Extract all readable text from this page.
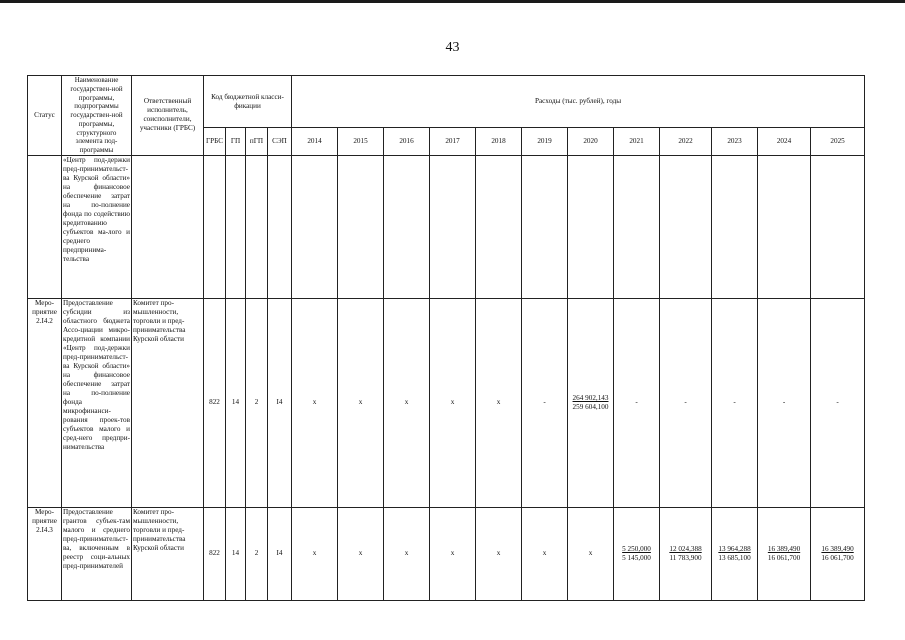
43
Статус	Наименование государствен-ной программы, подпрограммы государствен-ной программы, структурного элемента под-программы	Ответственный исполнитель, соисполнители, участники (ГРБС)	Код бюджетной класси-фикации				Расходы (тыс. рублей), годы											
			ГРБС	ГП	пГП	СЭП	2014	2015	2016	2017	2018	2019	2020	2021	2022	2023	2024	2025
	«Центр под-держки пред-принимательст-ва Курской области» на финансовое обеспечение затрат на по-полнение фонда по содействию кредитованию субъектов ма-лого и среднего предпринима-тельства																	
Меро-приятие 2.I4.2	Предоставление субсидии из областного бюджета Ассо-циации микро-кредитной компании «Центр под-держки пред-принимательст-ва Курской области» на финансовое обеспечение затрат на по-полнение фонда микрофинанси-рования проек-тов субъектов малого и сред-него предпри-нимательства	Комитет про-мышленности, торговли и пред-принимательства Курской области	822	14	2	I4	x	x	x	x	x	-	$\frac{264 902,143}{259 604,100}$	-	-	-	-	-
Меро-приятие 2.I4.3	Предоставление грантов субъек-там малого и среднего пред-принимательст-ва, включенным в реестр соци-альных пред-принимателей	Комитет про-мышленности, торговли и пред-принимательства Курской области	822	14	2	I4	x	x	x	x	x	x	x	$\frac{5 250,000}{5 145,000}$	$\frac{12 024,388}{11 783,900}$	$\frac{13 964,288}{13 685,100}$	$\frac{16 389,490}{16 061,700}$	$\frac{16 389,490}{16 061,700}$
